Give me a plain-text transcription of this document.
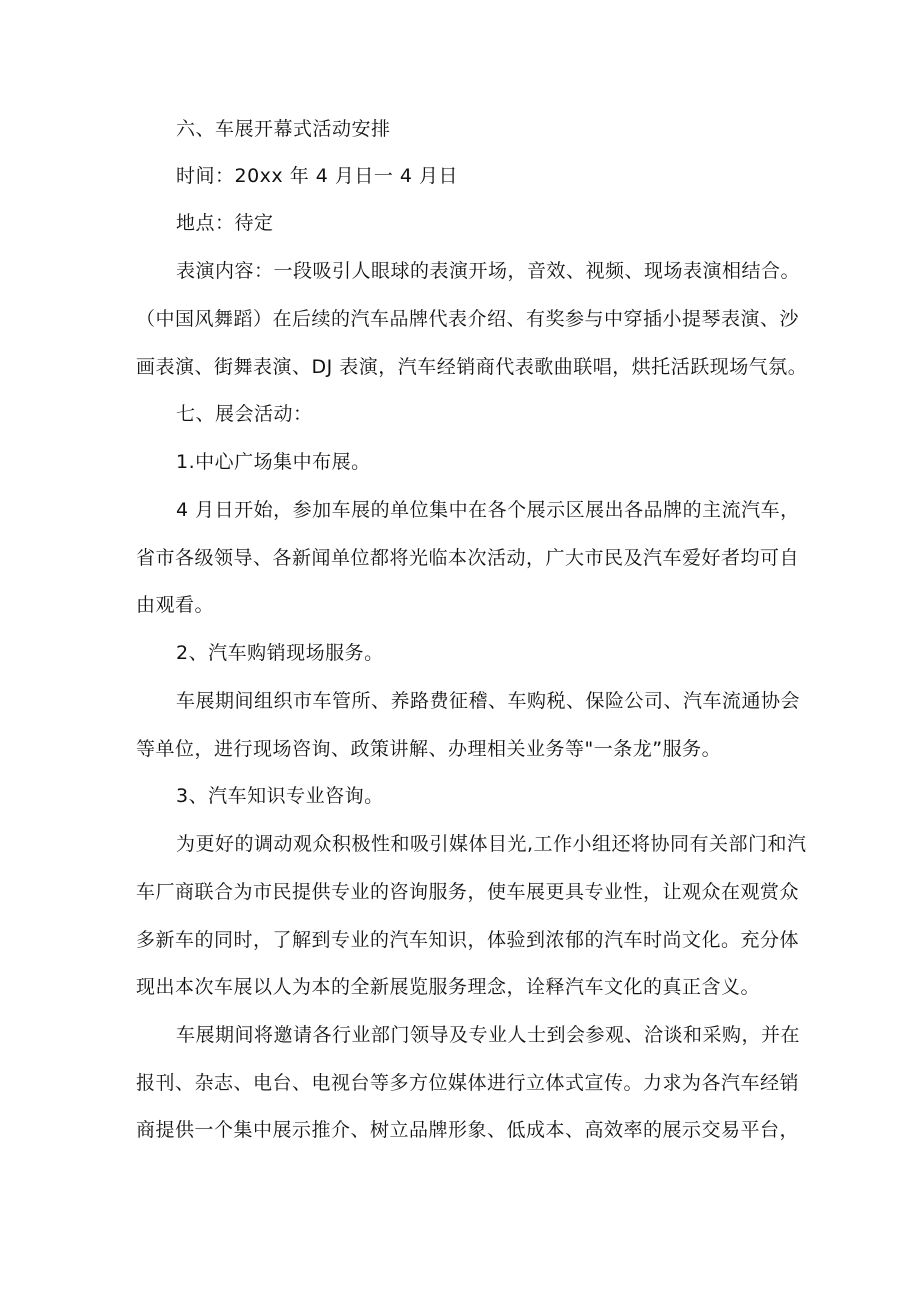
六、车展开幕式活动安排
时间：20xx 年 4 月日一 4 月日
地点：待定
表演内容：一段吸引人眼球的表演开场，音效、视频、现场表演相结合。
（中国风舞蹈）在后续的汽车品牌代表介绍、有奖参与中穿插小提琴表演、沙
画表演、街舞表演、DJ 表演，汽车经销商代表歌曲联唱，烘托活跃现场气氛。
七、展会活动：
1.中心广场集中布展。
4 月日开始，参加车展的单位集中在各个展示区展出各品牌的主流汽车，
省市各级领导、各新闻单位都将光临本次活动，广大市民及汽车爱好者均可自
由观看。
2、汽车购销现场服务。
车展期间组织市车管所、养路费征稽、车购税、保险公司、汽车流通协会
等单位，进行现场咨询、政策讲解、办理相关业务等"一条龙”服务。
3、汽车知识专业咨询。
为更好的调动观众积极性和吸引媒体目光,工作小组还将协同有关部门和汽
车厂商联合为市民提供专业的咨询服务，使车展更具专业性，让观众在观赏众
多新车的同时，了解到专业的汽车知识，体验到浓郁的汽车时尚文化。充分体
现出本次车展以人为本的全新展览服务理念，诠释汽车文化的真正含义。
车展期间将邀请各行业部门领导及专业人士到会参观、洽谈和采购，并在
报刊、杂志、电台、电视台等多方位媒体进行立体式宣传。力求为各汽车经销
商提供一个集中展示推介、树立品牌形象、低成本、高效率的展示交易平台，
